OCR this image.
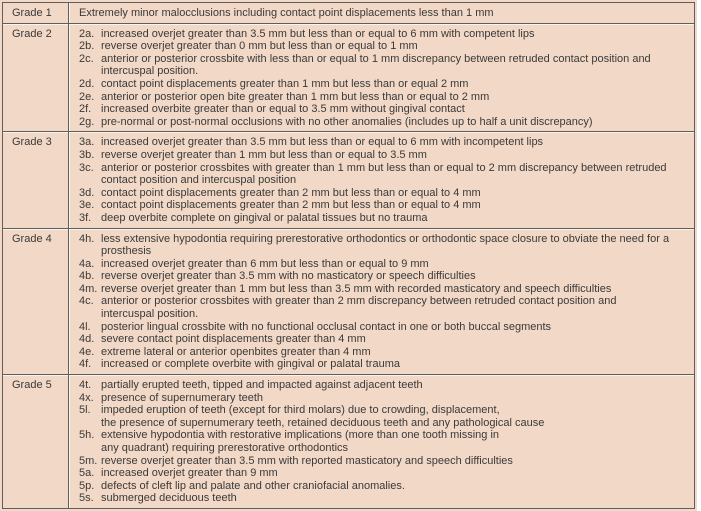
Grade 1	Extremely minor malocclusions including contact point displacements less than 1 mm
Grade 2	2a. increased overjet greater than 3.5 mm but less than or equal to 6 mm with competent lips
2b. reverse overjet greater than 0 mm but less than or equal to 1 mm
2c. anterior or posterior crossbite with less than or equal to 1 mm discrepancy between retruded contact position and
intercuspal position.
2d. contact point displacements greater than 1 mm but less than or equal 2 mm
2e. anterior or posterior open bite greater than 1 mm but less than or equal to 2 mm
2f. increased overbite greater than or equal to 3.5 mm without gingival contact
2g. pre-normal or post-normal occlusions with no other anomalies (includes up to half a unit discrepancy)
Grade 3	3a. increased overjet greater than 3.5 mm but less than or equal to 6 mm with incompetent lips
3b. reverse overjet greater than 1 mm but less than or equal to 3.5 mm
3c. anterior or posterior crossbites with greater than 1 mm but less than or equal to 2 mm discrepancy between retruded
contact position and intercuspal position
3d. contact point displacements greater than 2 mm but less than or equal to 4 mm
3e. contact point displacements greater than 2 mm but less than or equal to 4 mm
3f. deep overbite complete on gingival or palatal tissues but no trauma
Grade 4	4h. less extensive hypodontia requiring prerestorative orthodontics or orthodontic space closure to obviate the need for a
prosthesis
4a. increased overjet greater than 6 mm but less than or equal to 9 mm
4b. reverse overjet greater than 3.5 mm with no masticatory or speech difficulties
4m. reverse overjet greater than 1 mm but less than 3.5 mm with recorded masticatory and speech difficulties
4c. anterior or posterior crossbites with greater than 2 mm discrepancy between retruded contact position and
intercuspal position.
4l. posterior lingual crossbite with no functional occlusal contact in one or both buccal segments
4d. severe contact point displacements greater than 4 mm
4e. extreme lateral or anterior openbites greater than 4 mm
4f. increased or complete overbite with gingival or palatal trauma
Grade 5	4t. partially erupted teeth, tipped and impacted against adjacent teeth
4x. presence of supernumerary teeth
5l. impeded eruption of teeth (except for third molars) due to crowding, displacement,
the presence of supernumerary teeth, retained deciduous teeth and any pathological cause
5h. extensive hypodontia with restorative implications (more than one tooth missing in
any quadrant) requiring prerestorative orthodontics
5m. reverse overjet greater than 3.5 mm with reported masticatory and speech difficulties
5a. increased overjet greater than 9 mm
5p. defects of cleft lip and palate and other craniofacial anomalies.
5s. submerged deciduous teeth
